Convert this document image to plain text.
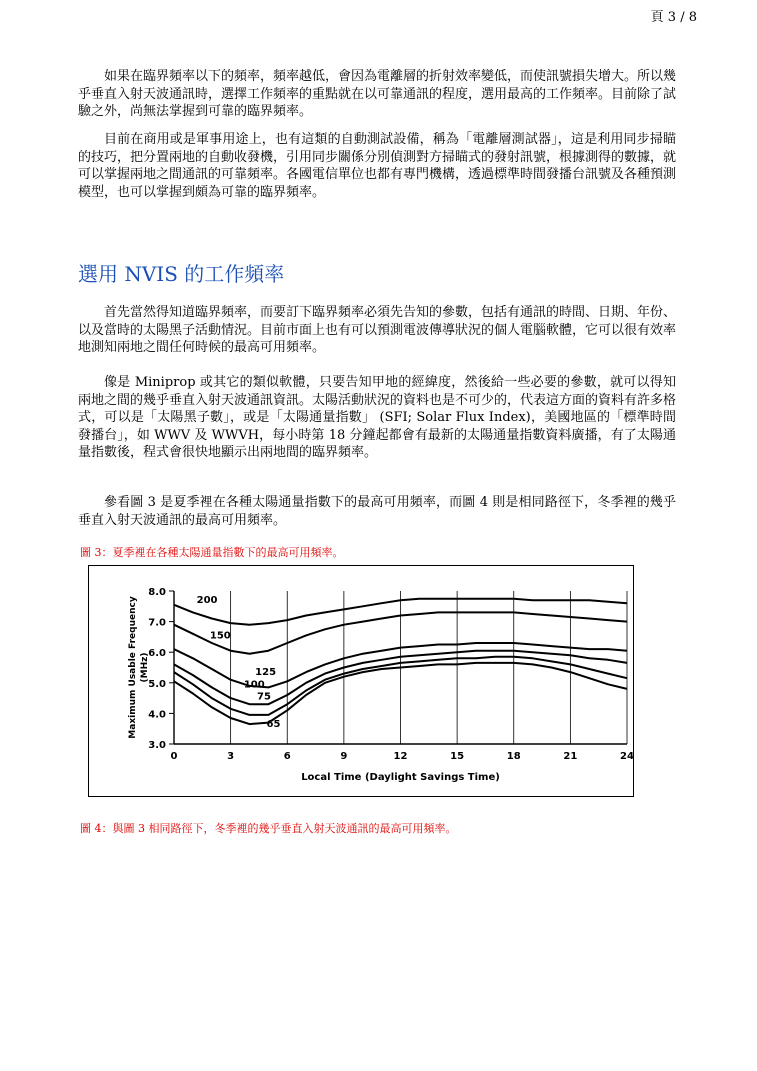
頁 3 / 8

如果在臨界頻率以下的頻率，頻率越低，會因為電離層的折射效率變低，而使訊號損失增大。所以幾乎垂直入射天波通訊時，選擇工作頻率的重點就在以可靠通訊的程度，選用最高的工作頻率。目前除了試驗之外，尚無法掌握到可靠的臨界頻率。

目前在商用或是軍事用途上，也有這類的自動測試設備，稱為「電離層測試器」，這是利用同步掃瞄的技巧，把分置兩地的自動收發機，引用同步關係分別偵測對方掃瞄式的發射訊號，根據測得的數據，就可以掌握兩地之間通訊的可靠頻率。各國電信單位也都有專門機構，透過標準時間發播台訊號及各種預測模型，也可以掌握到頗為可靠的臨界頻率。

選用 NVIS 的工作頻率

首先當然得知道臨界頻率，而要訂下臨界頻率必須先告知的參數，包括有通訊的時間、日期、年份、以及當時的太陽黑子活動情況。目前市面上也有可以預測電波傳導狀況的個人電腦軟體，它可以很有效率地測知兩地之間任何時候的最高可用頻率。

像是 Miniprop 或其它的類似軟體，只要告知甲地的經緯度，然後給一些必要的參數，就可以得知兩地之間的幾乎垂直入射天波通訊資訊。太陽活動狀況的資料也是不可少的，代表這方面的資料有許多格式，可以是「太陽黑子數」，或是「太陽通量指數」 (SFI; Solar Flux Index)，美國地區的「標準時間發播台」，如 WWV 及 WWVH，每小時第 18 分鐘起都會有最新的太陽通量指數資料廣播，有了太陽通量指數後，程式會很快地顯示出兩地間的臨界頻率。

參看圖 3 是夏季裡在各種太陽通量指數下的最高可用頻率，而圖 4 則是相同路徑下，冬季裡的幾乎垂直入射天波通訊的最高可用頻率。

圖 3：夏季裡在各種太陽通量指數下的最高可用頻率。

3.0
4.0
5.0
6.0
7.0
8.0
0	3	6	9	12	15	18	21	24
Local Time (Daylight Savings Time)
Maximum Usable Frequency (MHz)
200
150
125
100
75
65

圖 4：與圖 3 相同路徑下，冬季裡的幾乎垂直入射天波通訊的最高可用頻率。
